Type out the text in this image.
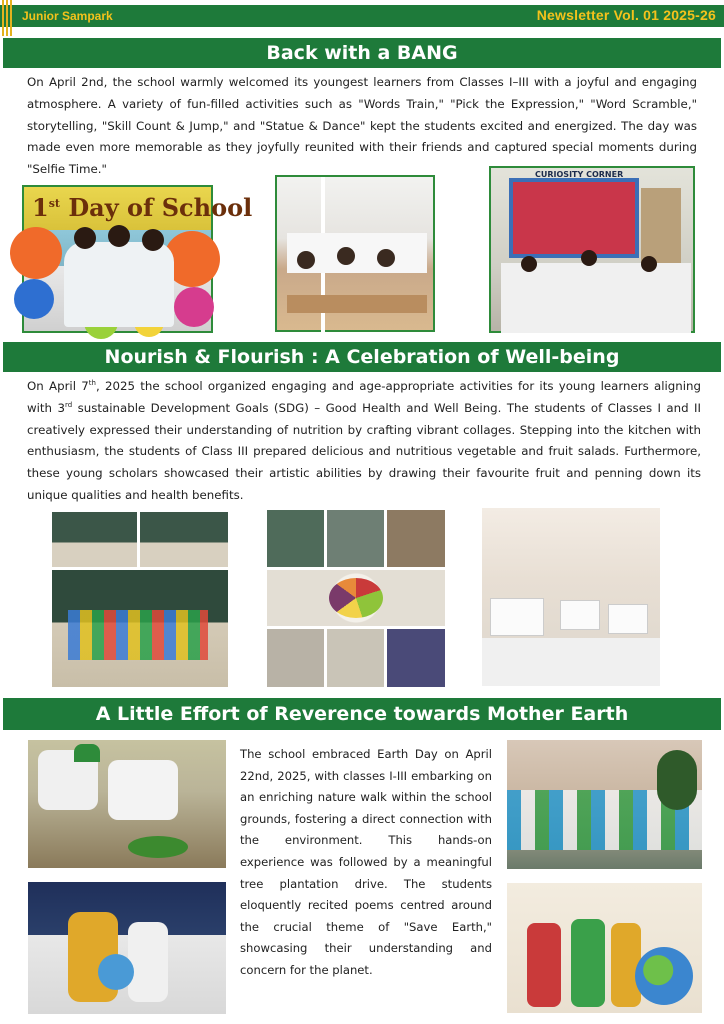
Junior Sampark	Newsletter Vol. 01 2025-26
Back with a BANG
On April 2nd, the school warmly welcomed its youngest learners from Classes I–III with a joyful and engaging atmosphere. A variety of fun-filled activities such as "Words Train," "Pick the Expression," "Word Scramble," storytelling, "Skill Count & Jump," and "Statue & Dance" kept the students excited and energized. The day was made even more memorable as they joyfully reunited with their friends and captured special moments during "Selfie Time."
1st Day of School
CURIOSITY CORNER
Nourish & Flourish : A Celebration of Well-being
On April 7th, 2025 the school organized engaging and age-appropriate activities for its young learners aligning with 3rd sustainable Development Goals (SDG) – Good Health and Well Being. The students of Classes I and II creatively expressed their understanding of nutrition by crafting vibrant collages. Stepping into the kitchen with enthusiasm, the students of Class III prepared delicious and nutritious vegetable and fruit salads. Furthermore, these young scholars showcased their artistic abilities by drawing their favourite fruit and penning down its unique qualities and health benefits.
A Little Effort of Reverence towards Mother Earth
The school embraced Earth Day on April 22nd, 2025, with classes I-III embarking on an enriching nature walk within the school grounds, fostering a direct connection with the environment. This hands-on experience was followed by a meaningful tree plantation drive. The students eloquently recited poems centred around the crucial theme of "Save Earth," showcasing their understanding and concern for the planet.
